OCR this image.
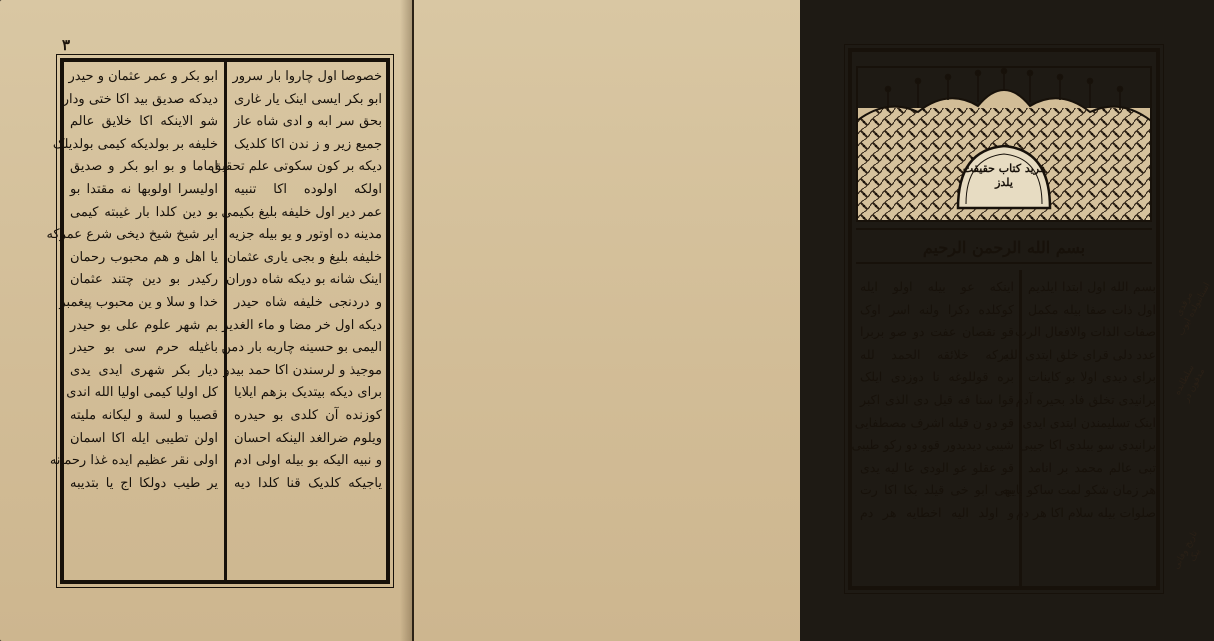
٣
ابو بکر و عمر عثمان و حیدر
دیدکه صدیق بید اکا ختی ودار
شو الاینکه اکا خلایق عالم
خلیفه بر بولدیکه کیمی بولدیلک
اماما و بو ابو بکر و صدیق
اولیسرا اولوبها نه مقتدا بو
بو دین کلدا بار غیبته کیمی
ایر شیخ شیخ دیخی شرع عمرکه
یا اهل و هم محبوب رحمان
رکیدر بو دین چتند عثمان
خدا و سلا و ین محبوب پیغمبر
بم شهر علوم علی بو حیدر
باغیله حرم سی بو حیدر
دیار بکر شهری ایدی یدی
کل اولیا کیمی اولیا الله اندی
قصیبا و لسة و لیکانه ملیته
اولن تطیبی ایله اکا اسمان
اولی نقر عظیم ایده غذا رحمانه
یر طیب دولکا اج یا بتدیبه
خصوصا اول چاروا بار سرور
ابو بکر ایسی اینک یار غاری
بحق سر ابه و ادی شاه عاز
جمیع زیر و ز ندن اکا کلدیک
دیکه بر کون سکوتی علم تحقیق
اولکه اولوده اکا تنبیه
عمر دیر اول خلیفه بلیغ بکیمی
مدینه ده اوتور و یو بیله جزیه
خلیفه بلیغ و بجی یاری عثمان
اینک شانه بو دیکه شاه دوران
و دردنجی خلیفه شاه حیدر
دیکه اول خر مضا و ماء الغدیر
الیمی بو حسینه چاربه بار دمن
موجیذ و لرسندن اکا حمد بیدو
برای دیکه بیتدیک بزهم ایلایا
کوزنده آن کلدی بو حیدره
ویلوم ضرالغد الینکه احسان
و نبیه الیکه بو بیله اولی ادم
یاجیکه کلدیک قنا کلدا دیه
فرید کتاب حقیقت یلدز
بسم الله الرحمن الرحیم
بسم الله اول ابتدا ایلدیم
اول ذات صفا بیله مکمل
صفات الذات والافعال الرب
عدد دلی قرای خلق ایتدی الله
برای دیدی اولا بو کاینات
برانیدی تخلق فاد بحیره آدم
اینک تسلیمندن ایتدی ایدی
برانیدی سو بیلدی اکا جیبی
تبی عالم محمد بر انامد
هر زمان شکو لمت ساکو بایبه
صلوات بیله سلام اکا هر دم
اینکه عو بیله اولو ایله
کوکلده دکرا ولنه اسر اوک
قو نقصان عفت دو صو بربرا
دیرکه خلائقه الحمد لله
بره قوللوغه نا دوزدی ایلک
قوا سنا فه قیل دی الذی اکبر
قو دو ن قیله اشرف مصطفایی
شیبی دیدیدور قوو دو رکو طیبی
قو عقلو عو الودی عا لیه یدی
بهی ابو خی قیلد بکا اکا رت
و اولد الیه اخطایه هر دم
مرقدی استانبولده ایوب
سلطانده مدفون در
تاریخ وفاتی بیک
